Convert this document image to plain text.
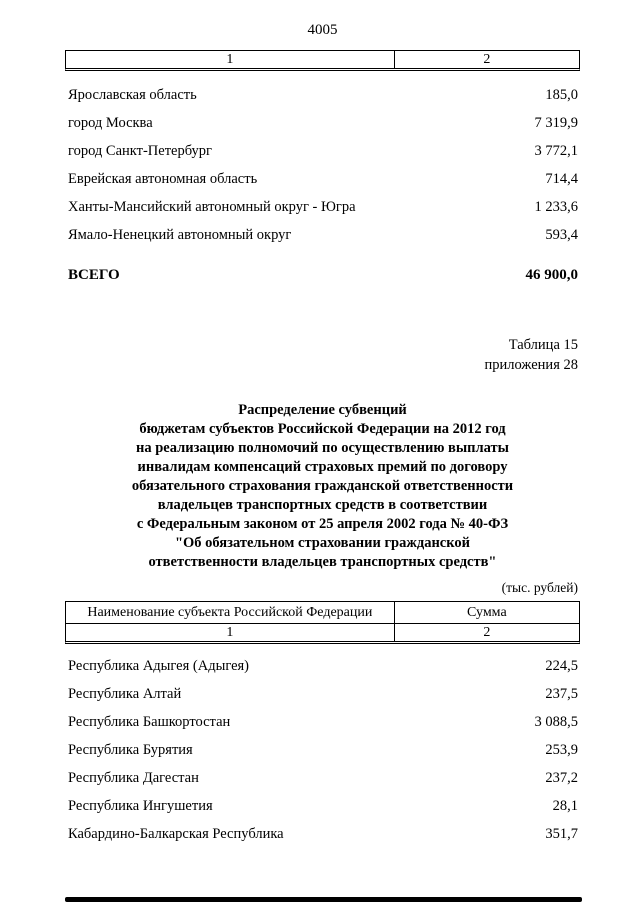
4005
1	2
Ярославская область	185,0
город Москва	7 319,9
город Санкт-Петербург	3 772,1
Еврейская автономная область	714,4
Ханты-Мансийский автономный округ - Югра	1 233,6
Ямало-Ненецкий автономный округ	593,4
ВСЕГО	46 900,0
Таблица 15
приложения 28
Распределение субвенций
бюджетам субъектов Российской Федерации на 2012 год
на реализацию полномочий по осуществлению выплаты
инвалидам компенсаций страховых премий по договору
обязательного страхования гражданской ответственности
владельцев транспортных средств в соответствии
с Федеральным законом от 25 апреля 2002 года № 40-ФЗ
"Об обязательном страховании гражданской
ответственности владельцев транспортных средств"
(тыс. рублей)
Наименование субъекта Российской Федерации	Сумма
1	2
Республика Адыгея (Адыгея)	224,5
Республика Алтай	237,5
Республика Башкортостан	3 088,5
Республика Бурятия	253,9
Республика Дагестан	237,2
Республика Ингушетия	28,1
Кабардино-Балкарская Республика	351,7
